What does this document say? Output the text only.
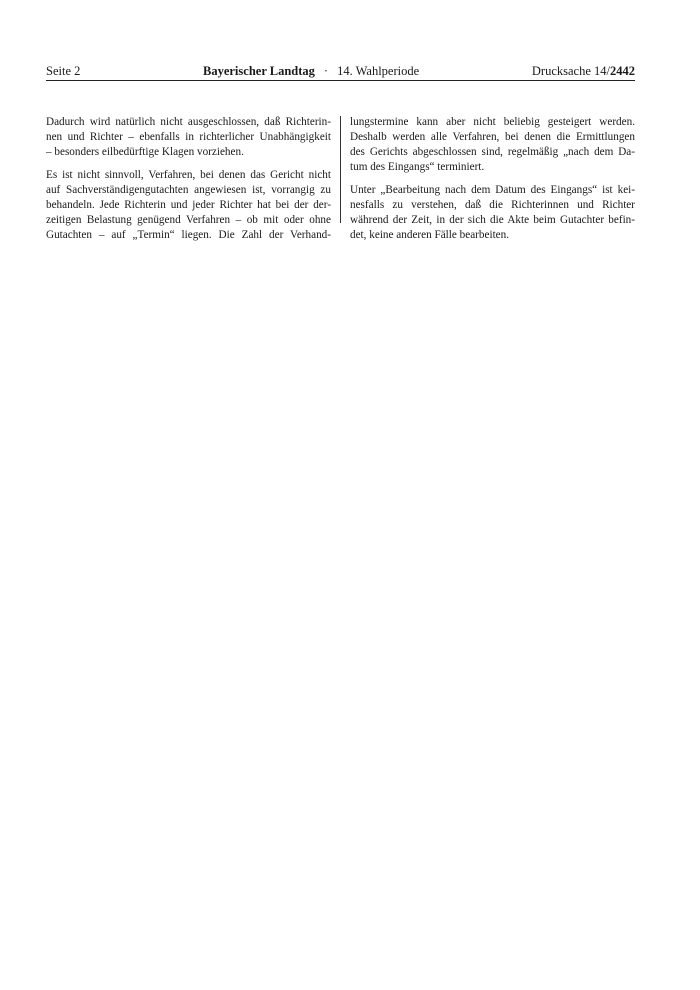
Seite 2	Bayerischer Landtag · 14. Wahlperiode	Drucksache 14/2442

Dadurch wird natürlich nicht ausgeschlossen, daß Richterin-
nen und Richter – ebenfalls in richterlicher Unabhängigkeit
– besonders eilbedürftige Klagen vorziehen.

Es ist nicht sinnvoll, Verfahren, bei denen das Gericht nicht
auf Sachverständigengutachten angewiesen ist, vorrangig zu
behandeln. Jede Richterin und jeder Richter hat bei der der-
zeitigen Belastung genügend Verfahren – ob mit oder ohne
Gutachten – auf „Termin“ liegen. Die Zahl der Verhand-

lungstermine kann aber nicht beliebig gesteigert werden.
Deshalb werden alle Verfahren, bei denen die Ermittlungen
des Gerichts abgeschlossen sind, regelmäßig „nach dem Da-
tum des Eingangs“ terminiert.

Unter „Bearbeitung nach dem Datum des Eingangs“ ist kei-
nesfalls zu verstehen, daß die Richterinnen und Richter
während der Zeit, in der sich die Akte beim Gutachter befin-
det, keine anderen Fälle bearbeiten.
